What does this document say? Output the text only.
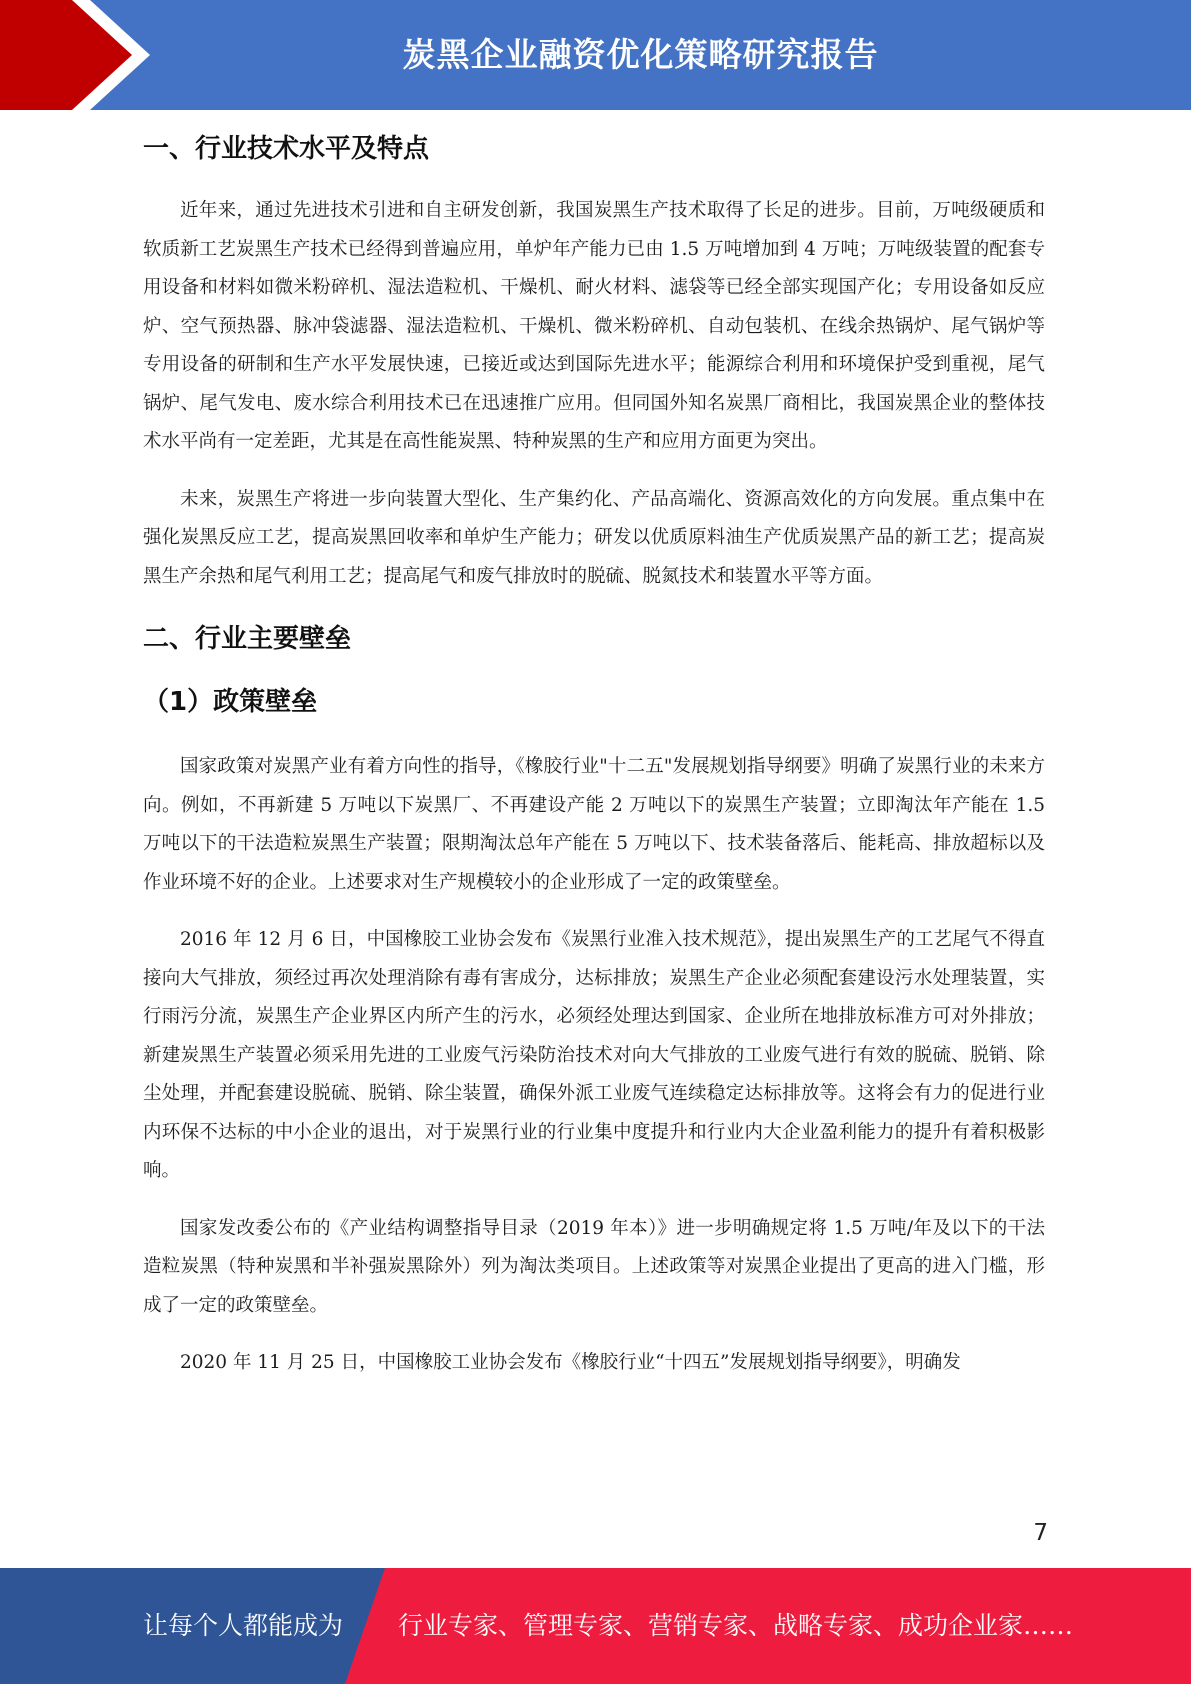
炭黑企业融资优化策略研究报告
一、行业技术水平及特点

近年来，通过先进技术引进和自主研发创新，我国炭黑生产技术取得了长足的进步。目前，万吨级硬质和软质新工艺炭黑生产技术已经得到普遍应用，单炉年产能力已由 1.5 万吨增加到 4 万吨；万吨级装置的配套专用设备和材料如微米粉碎机、湿法造粒机、干燥机、耐火材料、滤袋等已经全部实现国产化；专用设备如反应炉、空气预热器、脉冲袋滤器、湿法造粒机、干燥机、微米粉碎机、自动包装机、在线余热锅炉、尾气锅炉等专用设备的研制和生产水平发展快速，已接近或达到国际先进水平；能源综合利用和环境保护受到重视，尾气锅炉、尾气发电、废水综合利用技术已在迅速推广应用。但同国外知名炭黑厂商相比，我国炭黑企业的整体技术水平尚有一定差距，尤其是在高性能炭黑、特种炭黑的生产和应用方面更为突出。

未来，炭黑生产将进一步向装置大型化、生产集约化、产品高端化、资源高效化的方向发展。重点集中在强化炭黑反应工艺，提高炭黑回收率和单炉生产能力；研发以优质原料油生产优质炭黑产品的新工艺；提高炭黑生产余热和尾气利用工艺；提高尾气和废气排放时的脱硫、脱氮技术和装置水平等方面。

二、行业主要壁垒
（1）政策壁垒

国家政策对炭黑产业有着方向性的指导，《橡胶行业"十二五"发展规划指导纲要》明确了炭黑行业的未来方向。例如，不再新建 5 万吨以下炭黑厂、不再建设产能 2 万吨以下的炭黑生产装置；立即淘汰年产能在 1.5 万吨以下的干法造粒炭黑生产装置；限期淘汰总年产能在 5 万吨以下、技术装备落后、能耗高、排放超标以及作业环境不好的企业。上述要求对生产规模较小的企业形成了一定的政策壁垒。

2016 年 12 月 6 日，中国橡胶工业协会发布《炭黑行业准入技术规范》，提出炭黑生产的工艺尾气不得直接向大气排放，须经过再次处理消除有毒有害成分，达标排放；炭黑生产企业必须配套建设污水处理装置，实行雨污分流，炭黑生产企业界区内所产生的污水，必须经处理达到国家、企业所在地排放标准方可对外排放；新建炭黑生产装置必须采用先进的工业废气污染防治技术对向大气排放的工业废气进行有效的脱硫、脱销、除尘处理，并配套建设脱硫、脱销、除尘装置，确保外派工业废气连续稳定达标排放等。这将会有力的促进行业内环保不达标的中小企业的退出，对于炭黑行业的行业集中度提升和行业内大企业盈利能力的提升有着积极影响。

国家发改委公布的《产业结构调整指导目录（2019 年本）》进一步明确规定将 1.5 万吨/年及以下的干法造粒炭黑（特种炭黑和半补强炭黑除外）列为淘汰类项目。上述政策等对炭黑企业提出了更高的进入门槛，形成了一定的政策壁垒。

2020 年 11 月 25 日，中国橡胶工业协会发布《橡胶行业“十四五”发展规划指导纲要》，明确发

7
让每个人都能成为 行业专家、管理专家、营销专家、战略专家、成功企业家……
